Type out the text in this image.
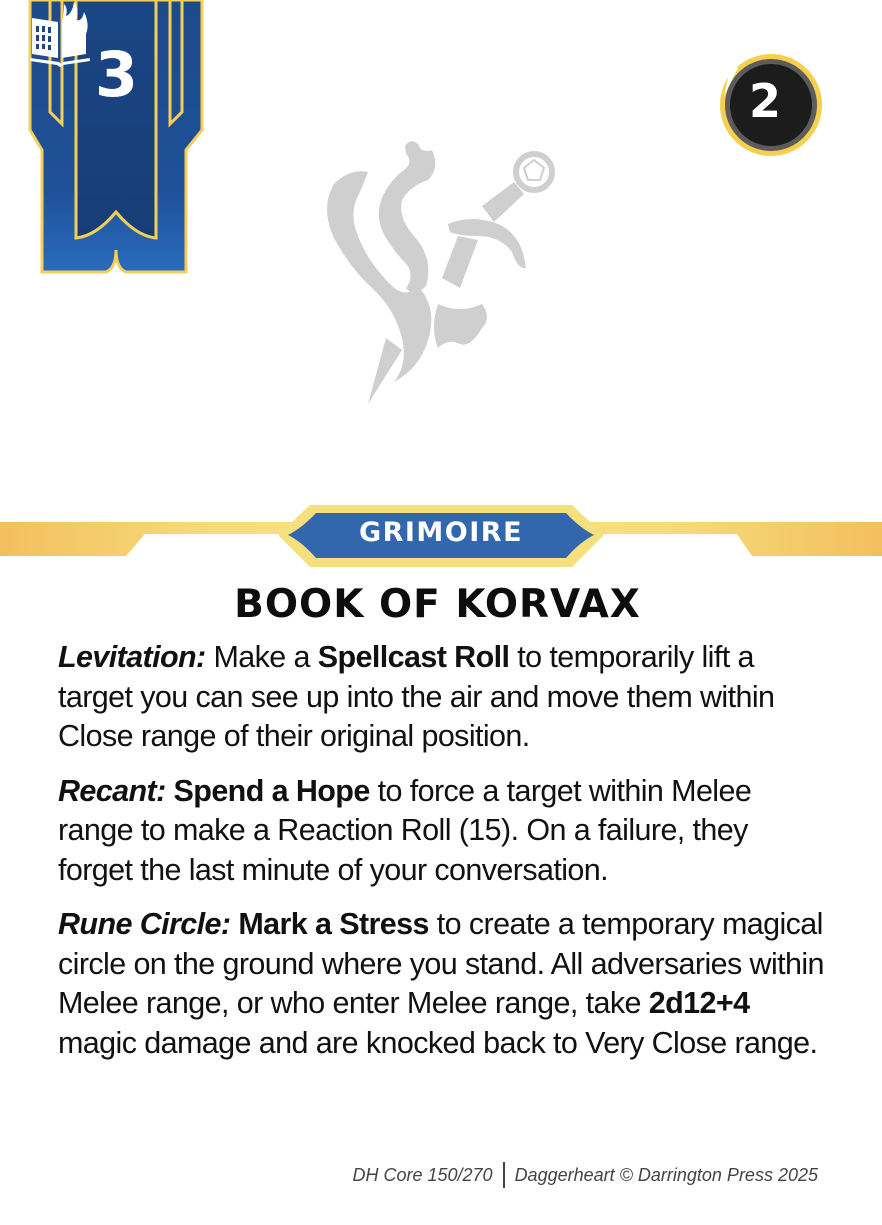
3	2
GRIMOIRE
BOOK OF KORVAX

Levitation: Make a Spellcast Roll to temporarily lift a target you can see up into the air and move them within Close range of their original position.

Recant: Spend a Hope to force a target within Melee range to make a Reaction Roll (15). On a failure, they forget the last minute of your conversation.

Rune Circle: Mark a Stress to create a temporary magical circle on the ground where you stand. All adversaries within Melee range, or who enter Melee range, take 2d12+4 magic damage and are knocked back to Very Close range.

DH Core 150/270 Daggerheart © Darrington Press 2025
